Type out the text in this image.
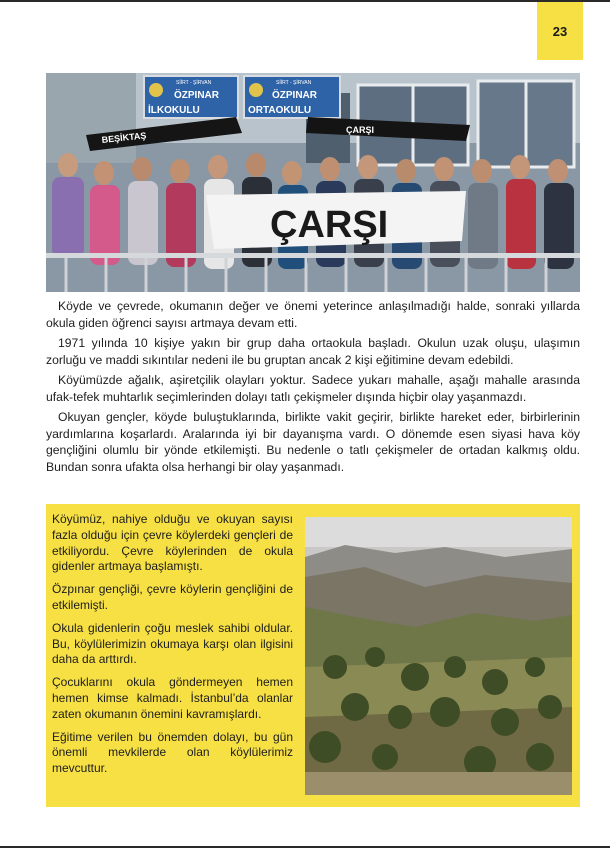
23
SİİRT - ŞİRVAN
ÖZPINAR
İLKOKULU
SİİRT - ŞİRVAN
ÖZPINAR
ORTAOKULU
BEŞİKTAŞ
ÇARŞI
ÇARŞI

Köyde ve çevrede, okumanın değer ve önemi yeterince anlaşılmadığı halde, sonraki yıllarda okula giden öğrenci sayısı artmaya devam etti.

1971 yılında 10 kişiye yakın bir grup daha ortaokula başladı. Okulun uzak oluşu, ulaşımın zorluğu ve maddi sıkıntılar nedeni ile bu gruptan ancak 2 kişi eğitimine devam edebildi.

Köyümüzde ağalık, aşiretçilik olayları yoktur. Sadece yukarı mahalle, aşağı mahalle arasında ufak-tefek muhtarlık seçimlerinden dolayı tatlı çekişmeler dışında hiçbir olay yaşanmazdı.

Okuyan gençler, köyde buluştuklarında, birlikte vakit geçirir, birlikte hareket eder, birbirlerinin yardımlarına koşarlardı. Aralarında iyi bir dayanışma vardı. O dönemde esen siyasi hava köy gençliğini olumlu bir yönde etkilemişti. Bu nedenle o tatlı çekişmeler de ortadan kalkmış oldu. Bundan sonra ufakta olsa herhangi bir olay yaşanmadı.

Köyümüz, nahiye olduğu ve okuyan sayısı fazla olduğu için çevre köylerdeki gençleri de etkiliyordu. Çevre köylerinden de okula gidenler artmaya başlamıştı.

Özpınar gençliği, çevre köylerin gençliğini de etkilemişti.

Okula gidenlerin çoğu meslek sahibi oldular. Bu, köylülerimizin okumaya karşı olan ilgisini daha da arttırdı.

Çocuklarını okula göndermeyen hemen hemen kimse kalmadı. İstanbul’da olanlar zaten okumanın önemini kavramışlardı.

Eğitime verilen bu önemden dolayı, bu gün önemli mevkilerde olan köylülerimiz mevcuttur.
